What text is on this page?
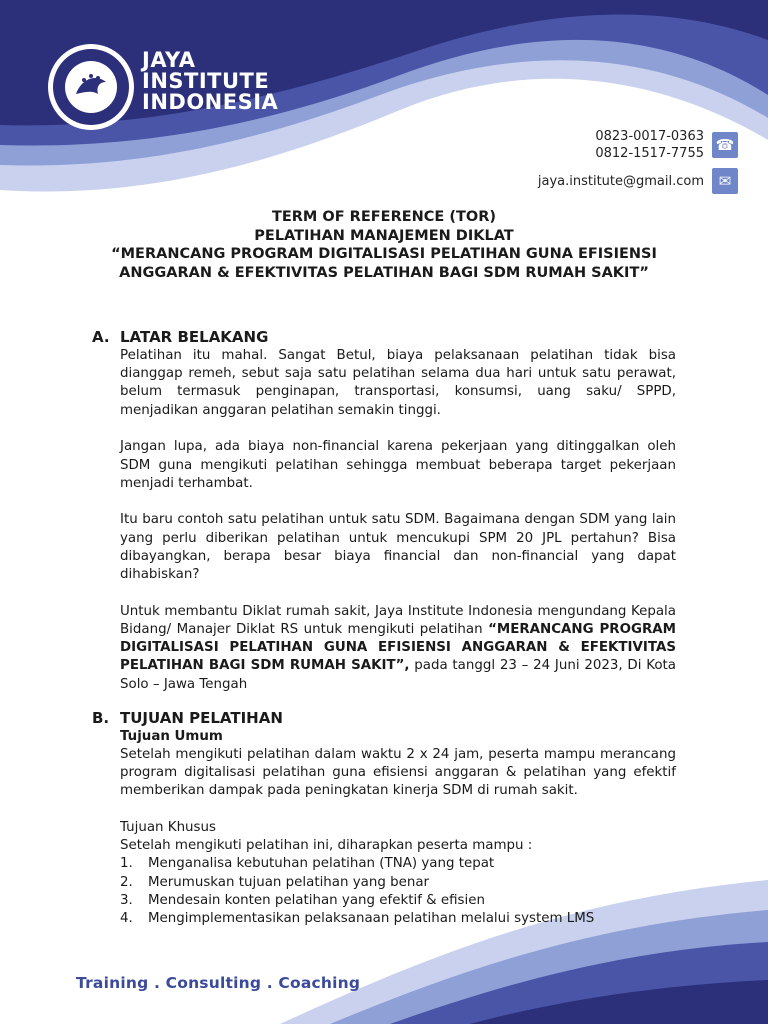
JAYA
INSTITUTE
INDONESIA
0823-0017-0363
0812-1517-7755 ☎
jaya.institute@gmail.com ✉
TERM OF REFERENCE (TOR)
PELATIHAN MANAJEMEN DIKLAT
“MERANCANG PROGRAM DIGITALISASI PELATIHAN GUNA EFISIENSI
ANGGARAN & EFEKTIVITAS PELATIHAN BAGI SDM RUMAH SAKIT”
A. LATAR BELAKANG

Pelatihan itu mahal. Sangat Betul, biaya pelaksanaan pelatihan tidak bisa dianggap remeh, sebut saja satu pelatihan selama dua hari untuk satu perawat, belum termasuk penginapan, transportasi, konsumsi, uang saku/ SPPD, menjadikan anggaran pelatihan semakin tinggi.

Jangan lupa, ada biaya non-financial karena pekerjaan yang ditinggalkan oleh SDM guna mengikuti pelatihan sehingga membuat beberapa target pekerjaan menjadi terhambat.

Itu baru contoh satu pelatihan untuk satu SDM. Bagaimana dengan SDM yang lain yang perlu diberikan pelatihan untuk mencukupi SPM 20 JPL pertahun? Bisa dibayangkan, berapa besar biaya financial dan non-financial yang dapat dihabiskan?

Untuk membantu Diklat rumah sakit, Jaya Institute Indonesia mengundang Kepala Bidang/ Manajer Diklat RS untuk mengikuti pelatihan “MERANCANG PROGRAM DIGITALISASI PELATIHAN GUNA EFISIENSI ANGGARAN & EFEKTIVITAS PELATIHAN BAGI SDM RUMAH SAKIT”, pada tanggl 23 – 24 Juni 2023, Di Kota Solo – Jawa Tengah

B. TUJUAN PELATIHAN
Tujuan Umum

Setelah mengikuti pelatihan dalam waktu 2 x 24 jam, peserta mampu merancang program digitalisasi pelatihan guna efisiensi anggaran & pelatihan yang efektif memberikan dampak pada peningkatan kinerja SDM di rumah sakit.

Tujuan Khusus
Setelah mengikuti pelatihan ini, diharapkan peserta mampu :
1.	Menganalisa kebutuhan pelatihan (TNA) yang tepat
2.	Merumuskan tujuan pelatihan yang benar
3.	Mendesain konten pelatihan yang efektif & efisien
4.	Mengimplementasikan pelaksanaan pelatihan melalui system LMS
Training . Consulting . Coaching
